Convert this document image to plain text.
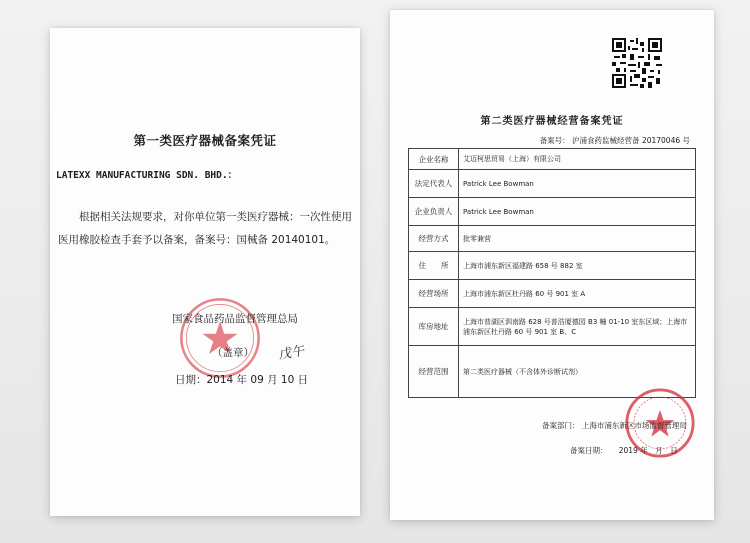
第一类医疗器械备案凭证
LATEXX MANUFACTURING SDN. BHD.：

根据相关法规要求，对你单位第一类医疗器械：一次性使用医用橡胶检查手套予以备案，备案号：国械备 20140101。

国家食品药品监督管理总局
（盖章） 戊午
日期：2014 年 09 月 10 日
第二类医疗器械经营备案凭证
备案号： 沪浦食药监械经营备 20170046 号
企业名称	艾迈柯思贸易（上海）有限公司
法定代表人	Patrick Lee Bowman
企业负责人	Patrick Lee Bowman
经营方式	批零兼营
住　　所	上海市浦东新区福建路 658 号 882 室
经营场所	上海市浦东新区杜丹路 60 号 901 室 A
库房地址	上海市普湖区泗南路 628 号普浩厦德园 B3 幢 01-10 室东区域；上海市浦东新区杜丹路 60 号 901 室 B、C
经营范围	第二类医疗器械（不含体外诊断试剂）
备案部门： 上海市浦东新区市场监督管理局
备案日期：　　2019 年　月　日
